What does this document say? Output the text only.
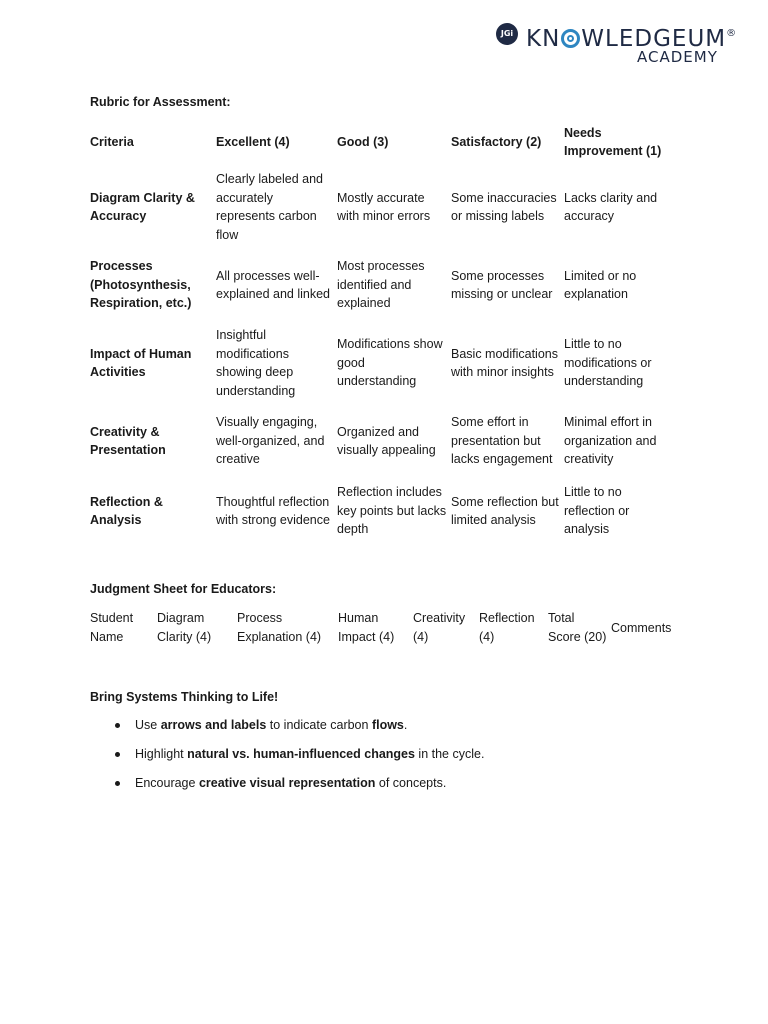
JGi KN WLEDGEUM®
ACADEMY
Rubric for Assessment:
Criteria	Excellent (4)	Good (3)	Satisfactory (2)	Needs Improvement (1)
Diagram Clarity & Accuracy	Clearly labeled and accurately represents carbon flow	Mostly accurate with minor errors	Some inaccuracies or missing labels	Lacks clarity and accuracy
Processes (Photosynthesis, Respiration, etc.)	All processes well-explained and linked	Most processes identified and explained	Some processes missing or unclear	Limited or no explanation
Impact of Human Activities	Insightful modifications showing deep understanding	Modifications show good understanding	Basic modifications with minor insights	Little to no modifications or understanding
Creativity & Presentation	Visually engaging, well-organized, and creative	Organized and visually appealing	Some effort in presentation but lacks engagement	Minimal effort in organization and creativity
Reflection & Analysis	Thoughtful reflection with strong evidence	Reflection includes key points but lacks depth	Some reflection but limited analysis	Little to no reflection or analysis
Judgment Sheet for Educators:
Student Name	Diagram Clarity (4)	Process Explanation (4)	Human Impact (4)	Creativity (4)	Reflection (4)	Total Score (20)	Comments
Bring Systems Thinking to Life!
Use arrows and labels to indicate carbon flows.
Highlight natural vs. human-influenced changes in the cycle.
Encourage creative visual representation of concepts.
